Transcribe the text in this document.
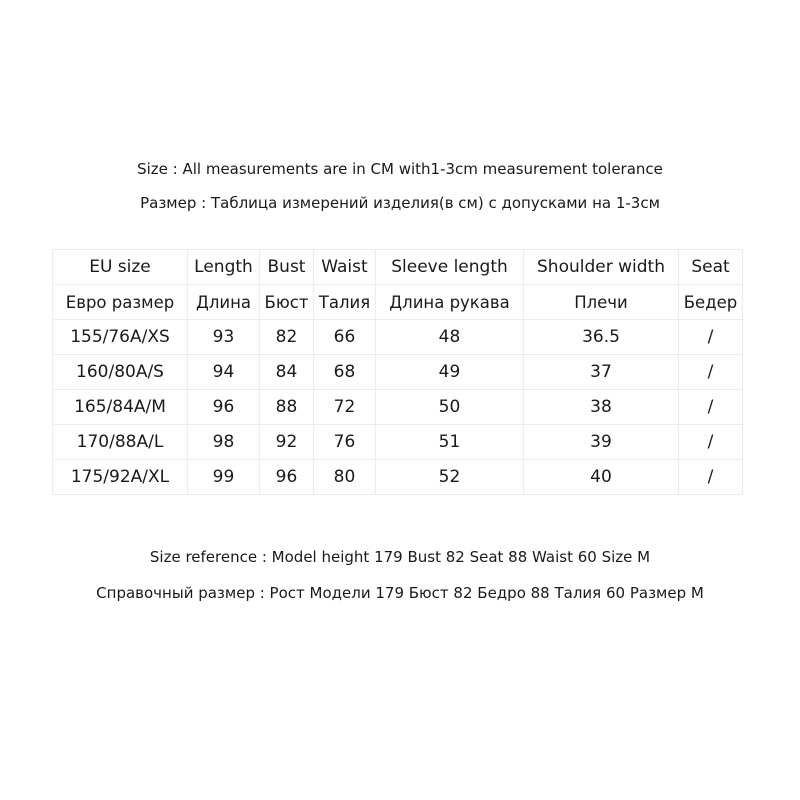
Size : All measurements are in CM with1-3cm measurement tolerance
Размер : Таблица измерений изделия(в см) с допусками на 1-3см
EU size	Length	Bust	Waist	Sleeve length	Shoulder width	Seat
Евро размер	Длина	Бюст	Талия	Длина рукава	Плечи	Бедер
155/76A/XS	93	82	66	48	36.5	/
160/80A/S	94	84	68	49	37	/
165/84A/M	96	88	72	50	38	/
170/88A/L	98	92	76	51	39	/
175/92A/XL	99	96	80	52	40	/
Size reference : Model height 179 Bust 82 Seat 88 Waist 60 Size M
Справочный размер : Рост Модели 179 Бюст 82 Бедро 88 Талия 60 Размер M
